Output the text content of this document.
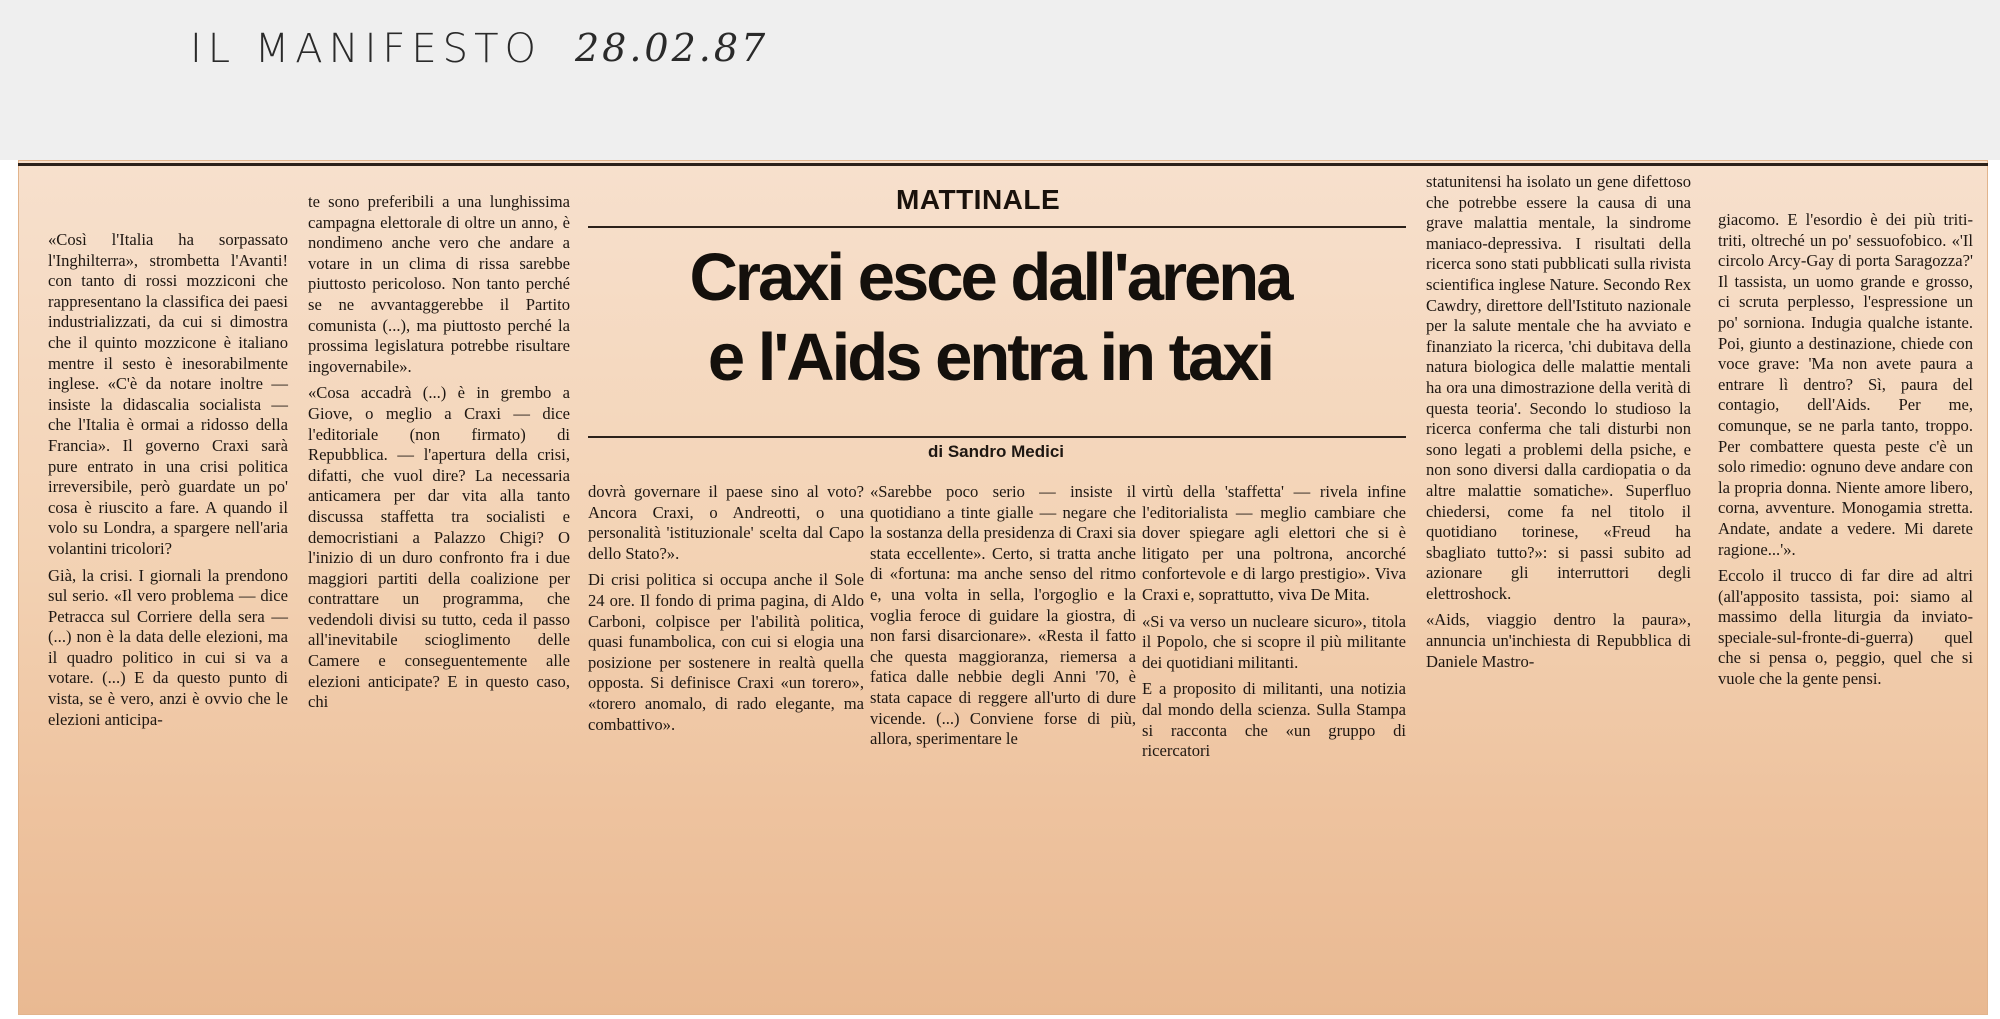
IL MANIFESTO 28.02.87

«Così l'Italia ha sorpassato l'Inghilterra», strombetta l'Avanti! con tanto di rossi mozziconi che rappresentano la classifica dei paesi industrializzati, da cui si dimostra che il quinto mozzicone è italiano mentre il sesto è inesorabilmente inglese. «C'è da notare inoltre — insiste la didascalia socialista — che l'Italia è ormai a ridosso della Francia». Il governo Craxi sarà pure entrato in una crisi politica irreversibile, però guardate un po' cosa è riuscito a fare. A quando il volo su Londra, a spargere nell'aria volantini tricolori?

Già, la crisi. I giornali la prendono sul serio. «Il vero problema — dice Petracca sul Corriere della sera — (...) non è la data delle elezioni, ma il quadro politico in cui si va a votare. (...) E da questo punto di vista, se è vero, anzi è ovvio che le elezioni anticipa-

te sono preferibili a una lunghissima campagna elettorale di oltre un anno, è nondimeno anche vero che andare a votare in un clima di rissa sarebbe piuttosto pericoloso. Non tanto perché se ne avvantaggerebbe il Partito comunista (...), ma piuttosto perché la prossima legislatura potrebbe risultare ingovernabile».

«Cosa accadrà (...) è in grembo a Giove, o meglio a Craxi — dice l'editoriale (non firmato) di Repubblica. — l'apertura della crisi, difatti, che vuol dire? La necessaria anticamera per dar vita alla tanto discussa staffetta tra socialisti e democristiani a Palazzo Chigi? O l'inizio di un duro confronto fra i due maggiori partiti della coalizione per contrattare un programma, che vedendoli divisi su tutto, ceda il passo all'inevitabile scioglimento delle Camere e conseguentemente alle elezioni anticipate? E in questo caso, chi

MATTINALE
Craxi esce dall'arena
e l'Aids entra in taxi
di Sandro Medici

dovrà governare il paese sino al voto? Ancora Craxi, o Andreotti, o una personalità 'istituzionale' scelta dal Capo dello Stato?».

Di crisi politica si occupa anche il Sole 24 ore. Il fondo di prima pagina, di Aldo Carboni, colpisce per l'abilità politica, quasi funambolica, con cui si elogia una posizione per sostenere in realtà quella opposta. Si definisce Craxi «un torero», «torero anomalo, di rado elegante, ma combattivo».

«Sarebbe poco serio — insiste il quotidiano a tinte gialle — negare che la sostanza della presidenza di Craxi sia stata eccellente». Certo, si tratta anche di «fortuna: ma anche senso del ritmo e, una volta in sella, l'orgoglio e la voglia feroce di guidare la giostra, di non farsi disarcionare». «Resta il fatto che questa maggioranza, riemersa a fatica dalle nebbie degli Anni '70, è stata capace di reggere all'urto di dure vicende. (...) Conviene forse di più, allora, sperimentare le

virtù della 'staffetta' — rivela infine l'editorialista — meglio cambiare che dover spiegare agli elettori che si è litigato per una poltrona, ancorché confortevole e di largo prestigio». Viva Craxi e, soprattutto, viva De Mita.

«Si va verso un nucleare sicuro», titola il Popolo, che si scopre il più militante dei quotidiani militanti.

E a proposito di militanti, una notizia dal mondo della scienza. Sulla Stampa si racconta che «un gruppo di ricercatori

statunitensi ha isolato un gene difettoso che potrebbe essere la causa di una grave malattia mentale, la sindrome maniaco-depressiva. I risultati della ricerca sono stati pubblicati sulla rivista scientifica inglese Nature. Secondo Rex Cawdry, direttore dell'Istituto nazionale per la salute mentale che ha avviato e finanziato la ricerca, 'chi dubitava della natura biologica delle malattie mentali ha ora una dimostrazione della verità di questa teoria'. Secondo lo studioso la ricerca conferma che tali disturbi non sono legati a problemi della psiche, e non sono diversi dalla cardiopatia o da altre malattie somatiche». Superfluo chiedersi, come fa nel titolo il quotidiano torinese, «Freud ha sbagliato tutto?»: si passi subito ad azionare gli interruttori degli elettroshock.

«Aids, viaggio dentro la paura», annuncia un'inchiesta di Repubblica di Daniele Mastro-

giacomo. E l'esordio è dei più triti-triti, oltreché un po' sessuofobico. «'Il circolo Arcy-Gay di porta Saragozza?' Il tassista, un uomo grande e grosso, ci scruta perplesso, l'espressione un po' sorniona. Indugia qualche istante. Poi, giunto a destinazione, chiede con voce grave: 'Ma non avete paura a entrare lì dentro? Sì, paura del contagio, dell'Aids. Per me, comunque, se ne parla tanto, troppo. Per combattere questa peste c'è un solo rimedio: ognuno deve andare con la propria donna. Niente amore libero, corna, avventure. Monogamia stretta. Andate, andate a vedere. Mi darete ragione...'».

Eccolo il trucco di far dire ad altri (all'apposito tassista, poi: siamo al massimo della liturgia da inviato-speciale-sul-fronte-di-guerra) quel che si pensa o, peggio, quel che si vuole che la gente pensi.
